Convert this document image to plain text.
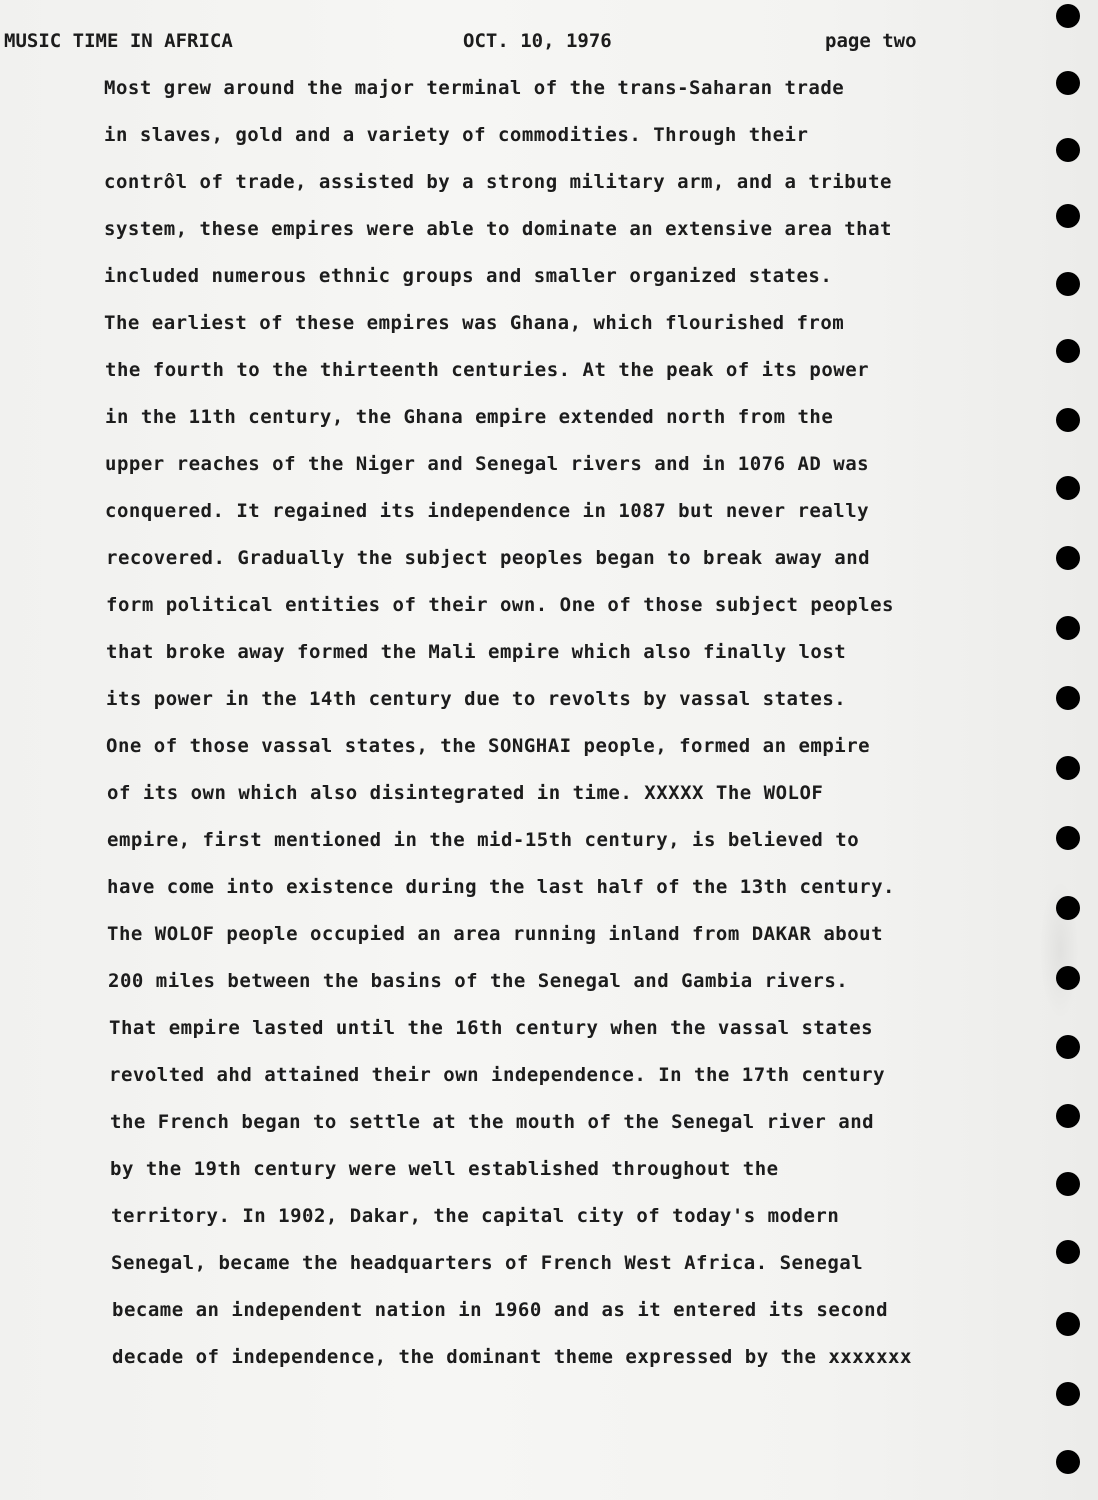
MUSIC TIME IN AFRICA	OCT. 10, 1976	page two
Most grew around the major terminal of the trans-Saharan trade
in slaves, gold and a variety of commodities. Through their
contrôl of trade, assisted by a strong military arm, and a tribute
system, these empires were able to dominate an extensive area that
included numerous ethnic groups and smaller organized states.
The earliest of these empires was Ghana, which flourished from
the fourth to the thirteenth centuries. At the peak of its power
in the 11th century, the Ghana empire extended north from the
upper reaches of the Niger and Senegal rivers and in 1076 AD was
conquered. It regained its independence in 1087 but never really
recovered. Gradually the subject peoples began to break away and
form political entities of their own. One of those subject peoples
that broke away formed the Mali empire which also finally lost
its power in the 14th century due to revolts by vassal states.
One of those vassal states, the SONGHAI people, formed an empire
of its own which also disintegrated in time. XXXXX The WOLOF
empire, first mentioned in the mid-15th century, is believed to
have come into existence during the last half of the 13th century.
The WOLOF people occupied an area running inland from DAKAR about
200 miles between the basins of the Senegal and Gambia rivers.
That empire lasted until the 16th century when the vassal states
revolted ahd attained their own independence. In the 17th century
the French began to settle at the mouth of the Senegal river and
by the 19th century were well established throughout the
territory. In 1902, Dakar, the capital city of today's modern
Senegal, became the headquarters of French West Africa. Senegal
became an independent nation in 1960 and as it entered its second
decade of independence, the dominant theme expressed by the xxxxxxx
